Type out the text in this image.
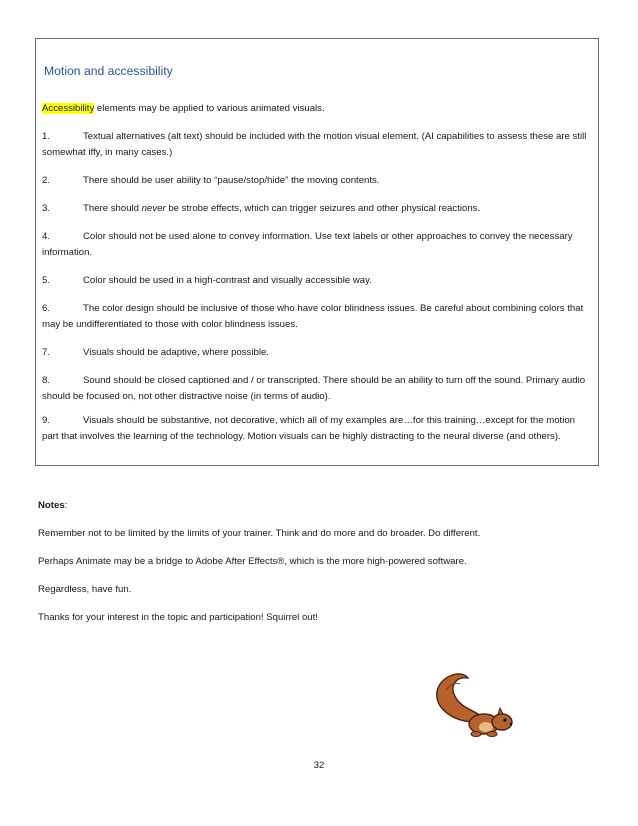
Motion and accessibility

Accessibility elements may be applied to various animated visuals.

1.	Textual alternatives (alt text) should be included with the motion visual element. (AI capabilities to assess these are still somewhat iffy, in many cases.)

2.	There should be user ability to “pause/stop/hide” the moving contents.

3.	There should never be strobe effects, which can trigger seizures and other physical reactions.

4.	Color should not be used alone to convey information. Use text labels or other approaches to convey the necessary information.

5.	Color should be used in a high-contrast and visually accessible way.

6.	The color design should be inclusive of those who have color blindness issues. Be careful about combining colors that may be undifferentiated to those with color blindness issues.

7.	Visuals should be adaptive, where possible.

8.	Sound should be closed captioned and / or transcripted. There should be an ability to turn off the sound. Primary audio should be focused on, not other distractive noise (in terms of audio).

9.	Visuals should be substantive, not decorative, which all of my examples are…for this training…except for the motion part that involves the learning of the technology. Motion visuals can be highly distracting to the neural diverse (and others).

Notes:

Remember not to be limited by the limits of your trainer. Think and do more and do broader. Do different.

Perhaps Animate may be a bridge to Adobe After Effects®, which is the more high-powered software.

Regardless, have fun.

Thanks for your interest in the topic and participation! Squirrel out!

32
